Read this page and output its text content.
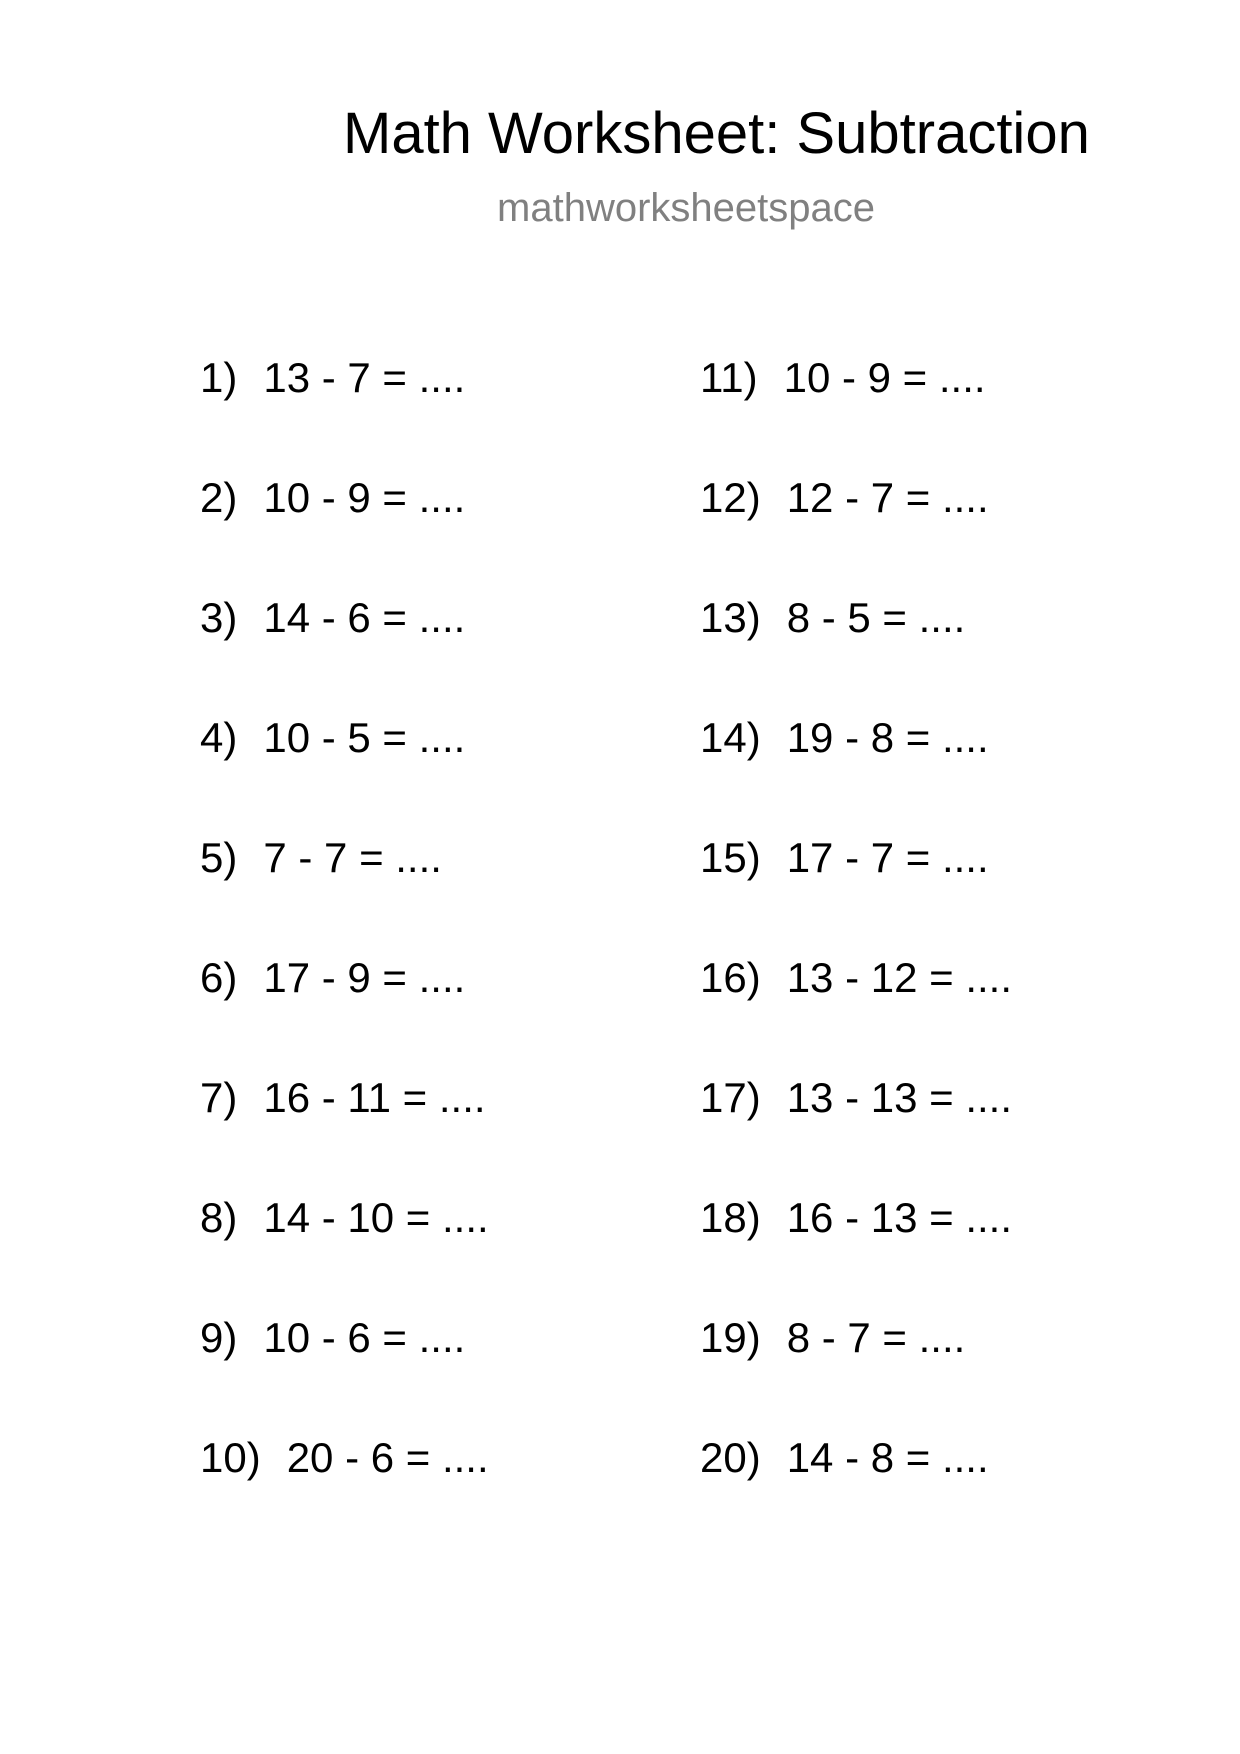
Math Worksheet: Subtraction
mathworksheetspace
1) 13 - 7 = ....
2) 10 - 9 = ....
3) 14 - 6 = ....
4) 10 - 5 = ....
5) 7 - 7 = ....
6) 17 - 9 = ....
7) 16 - 11 = ....
8) 14 - 10 = ....
9) 10 - 6 = ....
10) 20 - 6 = ....
11) 10 - 9 = ....
12) 12 - 7 = ....
13) 8 - 5 = ....
14) 19 - 8 = ....
15) 17 - 7 = ....
16) 13 - 12 = ....
17) 13 - 13 = ....
18) 16 - 13 = ....
19) 8 - 7 = ....
20) 14 - 8 = ....
